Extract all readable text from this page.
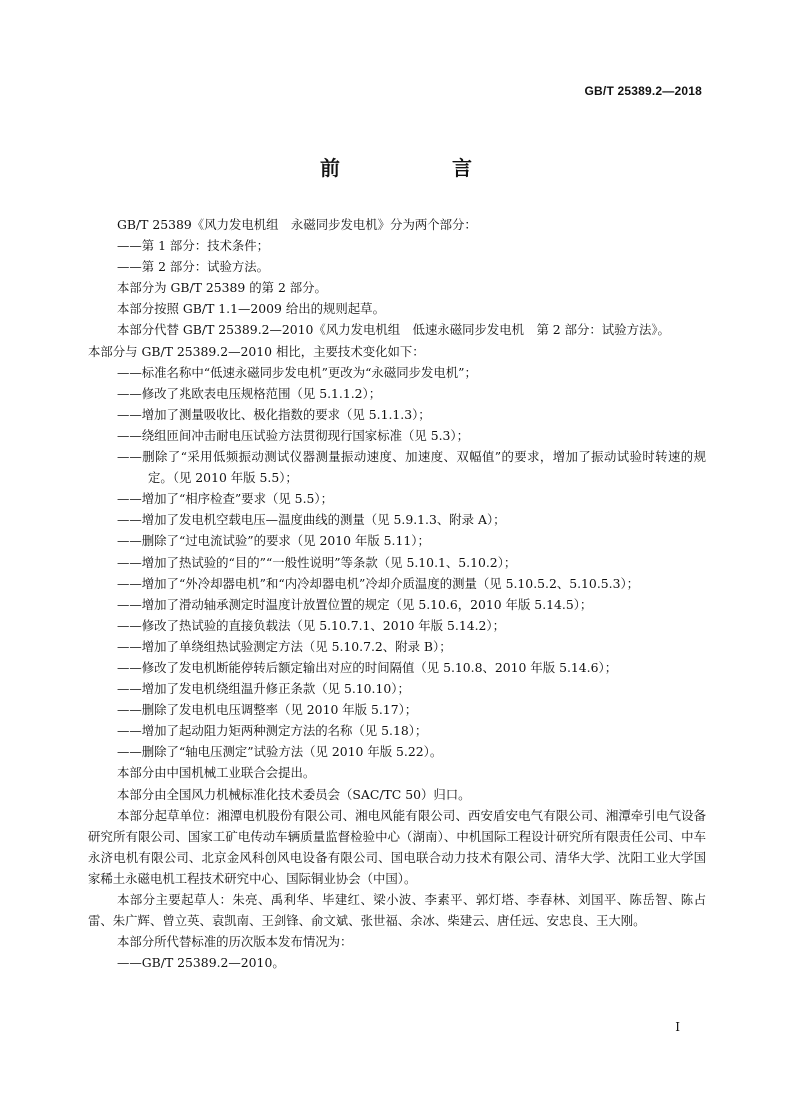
GB/T 25389.2—2018
前　言

GB/T 25389《风力发电机组　永磁同步发电机》分为两个部分：

——第 1 部分：技术条件；

——第 2 部分：试验方法。

本部分为 GB/T 25389 的第 2 部分。

本部分按照 GB/T 1.1—2009 给出的规则起草。

本部分代替 GB/T 25389.2—2010《风力发电机组　低速永磁同步发电机　第 2 部分：试验方法》。

本部分与 GB/T 25389.2—2010 相比，主要技术变化如下：

——标准名称中“低速永磁同步发电机”更改为“永磁同步发电机”；

——修改了兆欧表电压规格范围（见 5.1.1.2）；

——增加了测量吸收比、极化指数的要求（见 5.1.1.3）；

——绕组匝间冲击耐电压试验方法贯彻现行国家标准（见 5.3）；

——删除了“采用低频振动测试仪器测量振动速度、加速度、双幅值”的要求，增加了振动试验时转速的规定。（见 2010 年版 5.5）；

——增加了“相序检查”要求（见 5.5）；

——增加了发电机空载电压—温度曲线的测量（见 5.9.1.3、附录 A）；

——删除了“过电流试验”的要求（见 2010 年版 5.11）；

——增加了热试验的“目的”“一般性说明”等条款（见 5.10.1、5.10.2）；

——增加了“外冷却器电机”和“内冷却器电机”冷却介质温度的测量（见 5.10.5.2、5.10.5.3）；

——增加了滑动轴承测定时温度计放置位置的规定（见 5.10.6，2010 年版 5.14.5）；

——修改了热试验的直接负载法（见 5.10.7.1、2010 年版 5.14.2）；

——增加了单绕组热试验测定方法（见 5.10.7.2、附录 B）；

——修改了发电机断能停转后额定输出对应的时间隔值（见 5.10.8、2010 年版 5.14.6）；

——增加了发电机绕组温升修正条款（见 5.10.10）；

——删除了发电机电压调整率（见 2010 年版 5.17）；

——增加了起动阻力矩两种测定方法的名称（见 5.18）；

——删除了“轴电压测定”试验方法（见 2010 年版 5.22）。

本部分由中国机械工业联合会提出。

本部分由全国风力机械标准化技术委员会（SAC/TC 50）归口。

本部分起草单位：湘潭电机股份有限公司、湘电风能有限公司、西安盾安电气有限公司、湘潭牵引电气设备研究所有限公司、国家工矿电传动车辆质量监督检验中心（湖南）、中机国际工程设计研究所有限责任公司、中车永济电机有限公司、北京金风科创风电设备有限公司、国电联合动力技术有限公司、清华大学、沈阳工业大学国家稀土永磁电机工程技术研究中心、国际铜业协会（中国）。

本部分主要起草人：朱亮、禹利华、毕建红、梁小波、李素平、郭灯塔、李春林、刘国平、陈岳智、陈占雷、朱广辉、曾立英、袁凯南、王剑锋、俞文斌、张世福、余冰、柴建云、唐任远、安忠良、王大刚。

本部分所代替标准的历次版本发布情况为：

——GB/T 25389.2—2010。

I
